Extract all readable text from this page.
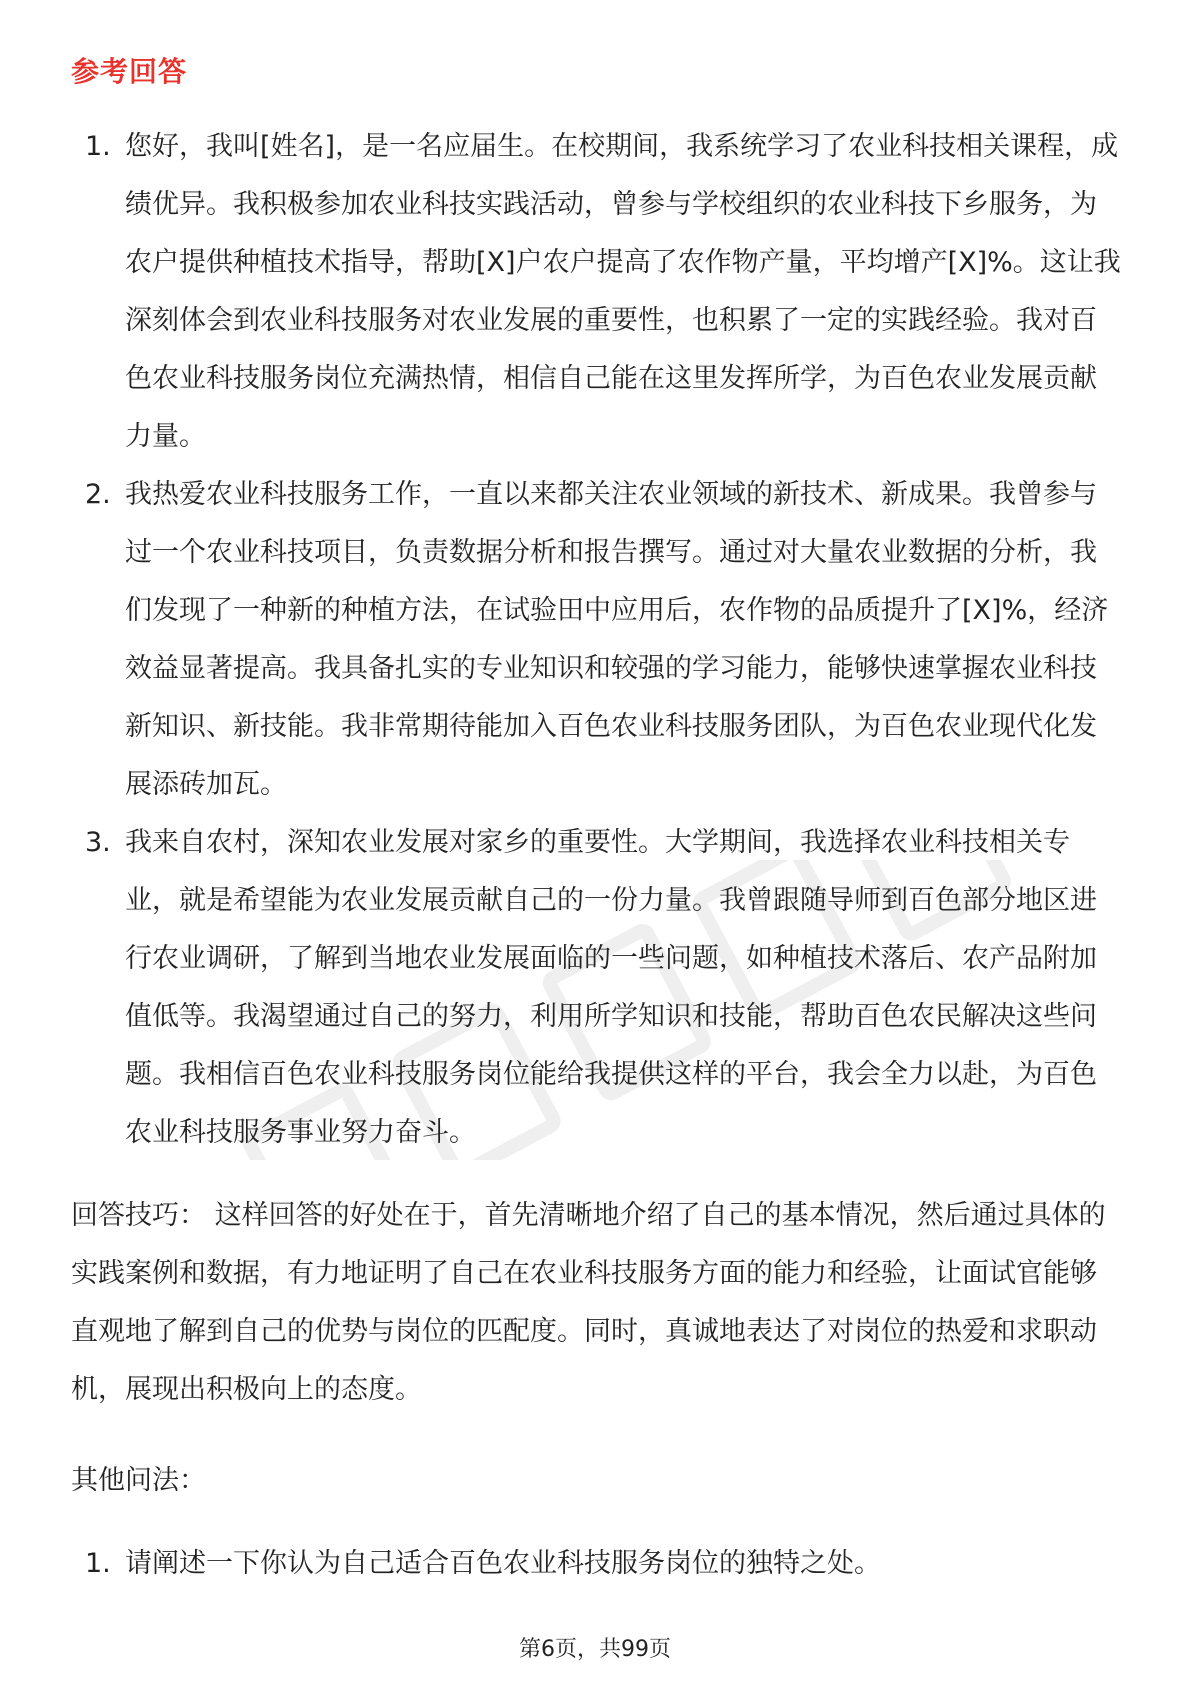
参考回答
1. 您好，我叫[姓名]，是一名应届生。在校期间，我系统学习了农业科技相关课程，成绩优异。我积极参加农业科技实践活动，曾参与学校组织的农业科技下乡服务，为农户提供种植技术指导，帮助[X]户农户提高了农作物产量，平均增产[X]%。这让我深刻体会到农业科技服务对农业发展的重要性，也积累了一定的实践经验。我对百色农业科技服务岗位充满热情，相信自己能在这里发挥所学，为百色农业发展贡献力量。
2. 我热爱农业科技服务工作，一直以来都关注农业领域的新技术、新成果。我曾参与过一个农业科技项目，负责数据分析和报告撰写。通过对大量农业数据的分析，我们发现了一种新的种植方法，在试验田中应用后，农作物的品质提升了[X]%，经济效益显著提高。我具备扎实的专业知识和较强的学习能力，能够快速掌握农业科技新知识、新技能。我非常期待能加入百色农业科技服务团队，为百色农业现代化发展添砖加瓦。
3. 我来自农村，深知农业发展对家乡的重要性。大学期间，我选择农业科技相关专业，就是希望能为农业发展贡献自己的一份力量。我曾跟随导师到百色部分地区进行农业调研，了解到当地农业发展面临的一些问题，如种植技术落后、农产品附加值低等。我渴望通过自己的努力，利用所学知识和技能，帮助百色农民解决这些问题。我相信百色农业科技服务岗位能给我提供这样的平台，我会全力以赴，为百色农业科技服务事业努力奋斗。

回答技巧： 这样回答的好处在于，首先清晰地介绍了自己的基本情况，然后通过具体的实践案例和数据，有力地证明了自己在农业科技服务方面的能力和经验，让面试官能够直观地了解到自己的优势与岗位的匹配度。同时，真诚地表达了对岗位的热爱和求职动机，展现出积极向上的态度。

其他问法：

1. 请阐述一下你认为自己适合百色农业科技服务岗位的独特之处。
第6页，共99页
